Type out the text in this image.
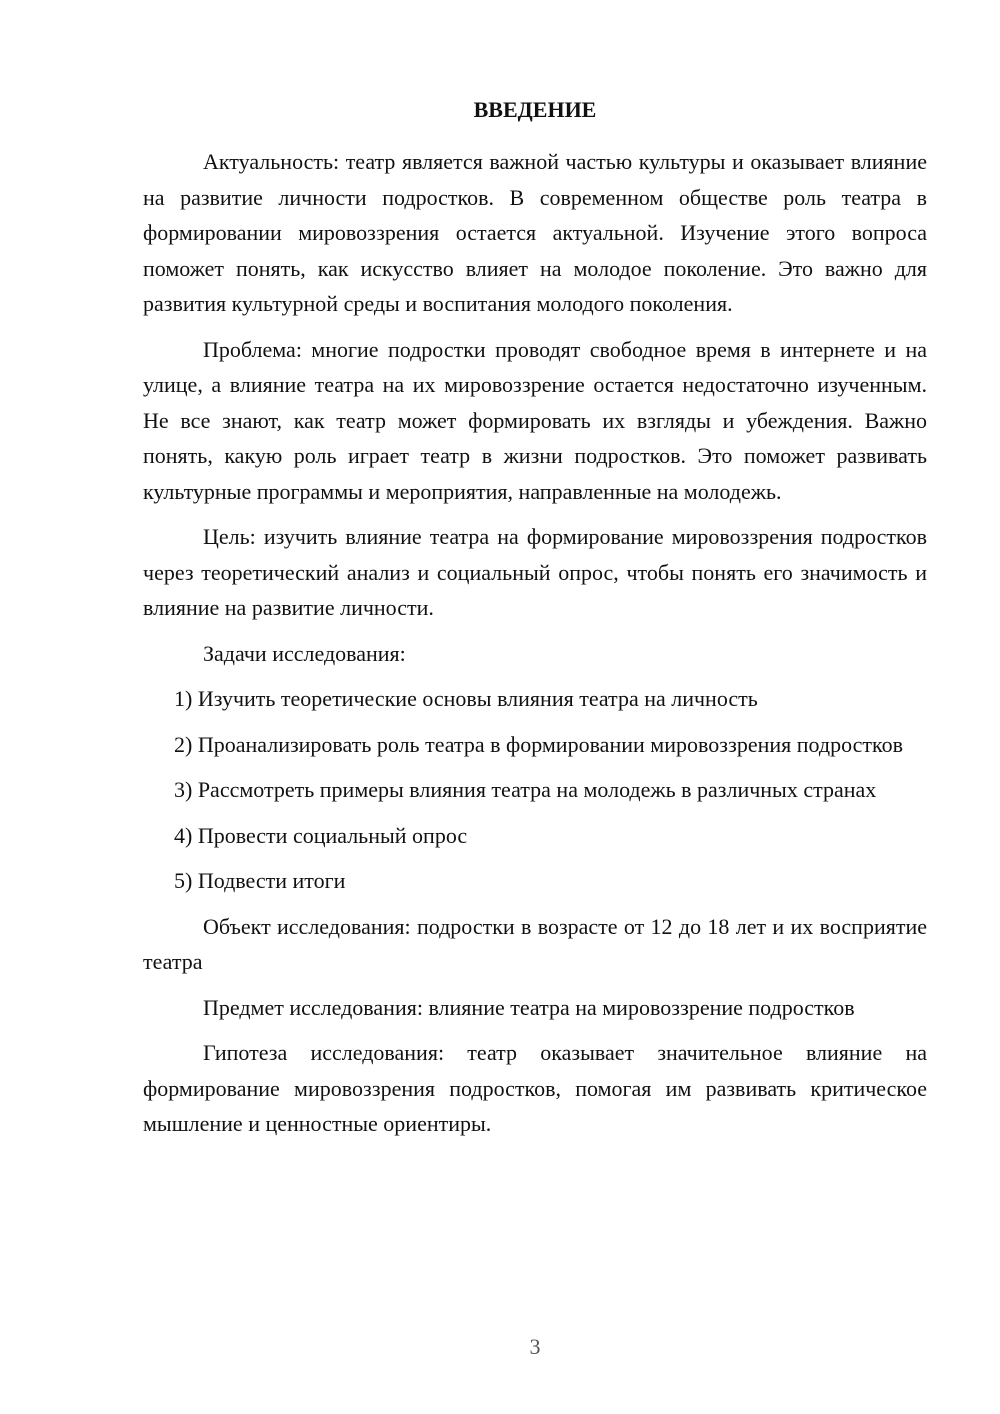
ВВЕДЕНИЕ

Актуальность: театр является важной частью культуры и оказывает влияние на развитие личности подростков. В современном обществе роль театра в формировании мировоззрения остается актуальной. Изучение этого вопроса поможет понять, как искусство влияет на молодое поколение. Это важно для развития культурной среды и воспитания молодого поколения.

Проблема: многие подростки проводят свободное время в интернете и на улице, а влияние театра на их мировоззрение остается недостаточно изученным. Не все знают, как театр может формировать их взгляды и убеждения. Важно понять, какую роль играет театр в жизни подростков. Это поможет развивать культурные программы и мероприятия, направленные на молодежь.

Цель: изучить влияние театра на формирование мировоззрения подростков через теоретический анализ и социальный опрос, чтобы понять его значимость и влияние на развитие личности.

Задачи исследования:

1) Изучить теоретические основы влияния театра на личность

2) Проанализировать роль театра в формировании мировоззрения подростков

3) Рассмотреть примеры влияния театра на молодежь в различных странах

4) Провести социальный опрос

5) Подвести итоги

Объект исследования: подростки в возрасте от 12 до 18 лет и их восприятие театра

Предмет исследования: влияние театра на мировоззрение подростков

Гипотеза исследования: театр оказывает значительное влияние на формирование мировоззрения подростков, помогая им развивать критическое мышление и ценностные ориентиры.

3
